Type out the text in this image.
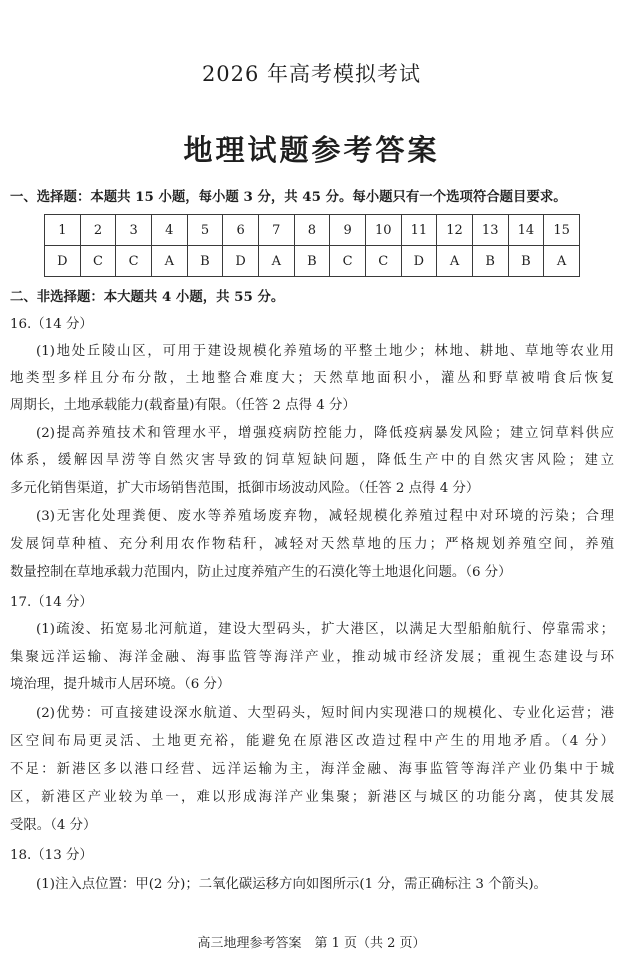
2026 年高考模拟考试
地理试题参考答案
一、选择题：本题共 15 小题，每小题 3 分，共 45 分。每小题只有一个选项符合题目要求。
1	2	3	4	5	6	7	8	9	10	11	12	13	14	15
D	C	C	A	B	D	A	B	C	C	D	A	B	B	A
二、非选择题：本大题共 4 小题，共 55 分。
16.（14 分）
(1)地处丘陵山区，可用于建设规模化养殖场的平整土地少；林地、耕地、草地等农业用
地类型多样且分布分散，土地整合难度大；天然草地面积小，灌丛和野草被啃食后恢复
周期长，土地承载能力(载畜量)有限。（任答 2 点得 4 分）
(2)提高养殖技术和管理水平，增强疫病防控能力，降低疫病暴发风险；建立饲草料供应
体系，缓解因旱涝等自然灾害导致的饲草短缺问题，降低生产中的自然灾害风险；建立
多元化销售渠道，扩大市场销售范围，抵御市场波动风险。（任答 2 点得 4 分）
(3)无害化处理粪便、废水等养殖场废弃物，减轻规模化养殖过程中对环境的污染；合理
发展饲草种植、充分利用农作物秸秆，减轻对天然草地的压力；严格规划养殖空间，养殖
数量控制在草地承载力范围内，防止过度养殖产生的石漠化等土地退化问题。（6 分）
17.（14 分）
(1)疏浚、拓宽易北河航道，建设大型码头，扩大港区，以满足大型船舶航行、停靠需求；
集聚远洋运输、海洋金融、海事监管等海洋产业，推动城市经济发展；重视生态建设与环
境治理，提升城市人居环境。（6 分）
(2)优势：可直接建设深水航道、大型码头，短时间内实现港口的规模化、专业化运营；港
区空间布局更灵活、土地更充裕，能避免在原港区改造过程中产生的用地矛盾。（4 分）
不足：新港区多以港口经营、远洋运输为主，海洋金融、海事监管等海洋产业仍集中于城
区，新港区产业较为单一，难以形成海洋产业集聚；新港区与城区的功能分离，使其发展
受限。（4 分）
18.（13 分）
(1)注入点位置：甲(2 分)；二氧化碳运移方向如图所示(1 分，需正确标注 3 个箭头)。
高三地理参考答案　第 1 页（共 2 页）
